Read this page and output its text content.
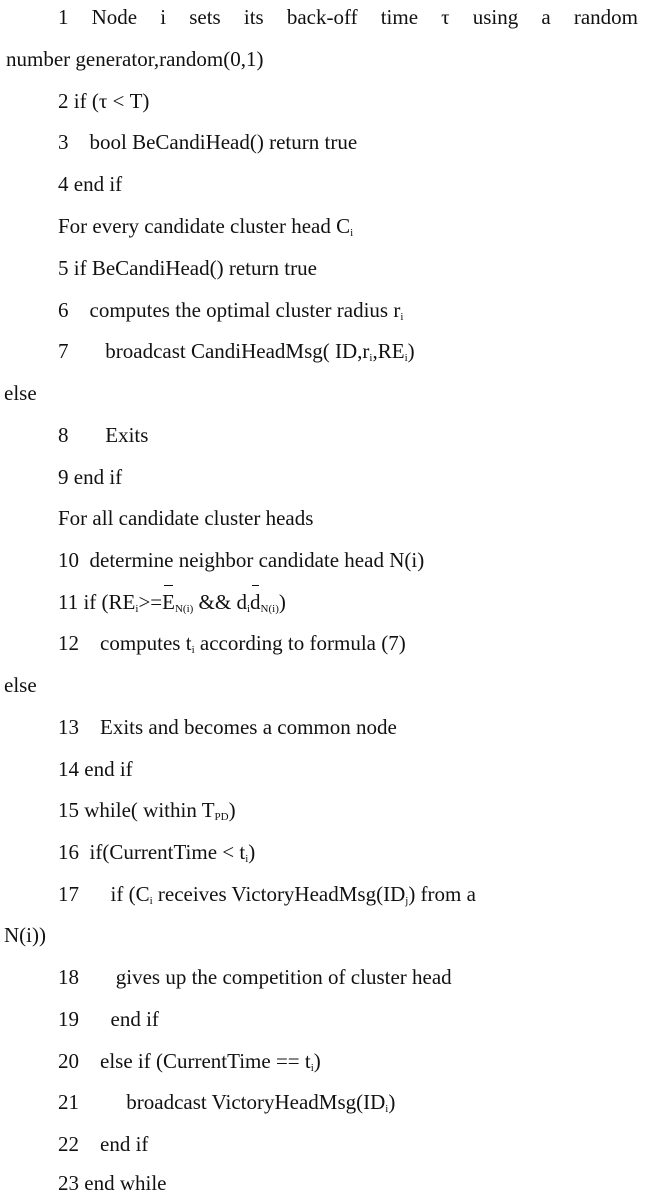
1 Node i sets its back-off time τ using a random
number generator,random(0,1)
2 if (τ < T)
3    bool BeCandiHead() return true
4 end if
For every candidate cluster head $C_i$
5 if BeCandiHead() return true
6    computes the optimal cluster radius $r_i$
7       broadcast CandiHeadMsg( $ID,r_i,RE_i$)
else
8       Exits
9 end if
For all candidate cluster heads
10  determine neighbor candidate head N(i)
11 if ($RE_i>=E_{N(i)}$ && $d_id_{N(i)}$)
12    computes $t_i$ according to formula (7)
else
13    Exits and becomes a common node
14 end if
15 while( within $T_{PD}$)
16  if(CurrentTime < $t_i$)
17      if ($C_i$ receives $VictoryHeadMsg(ID_j)$ from a
N(i))
18       gives up the competition of cluster head
19      end if
20    else if (CurrentTime == $t_i$)
21         broadcast $VictoryHeadMsg(ID_i)$
22    end if
23 end while
